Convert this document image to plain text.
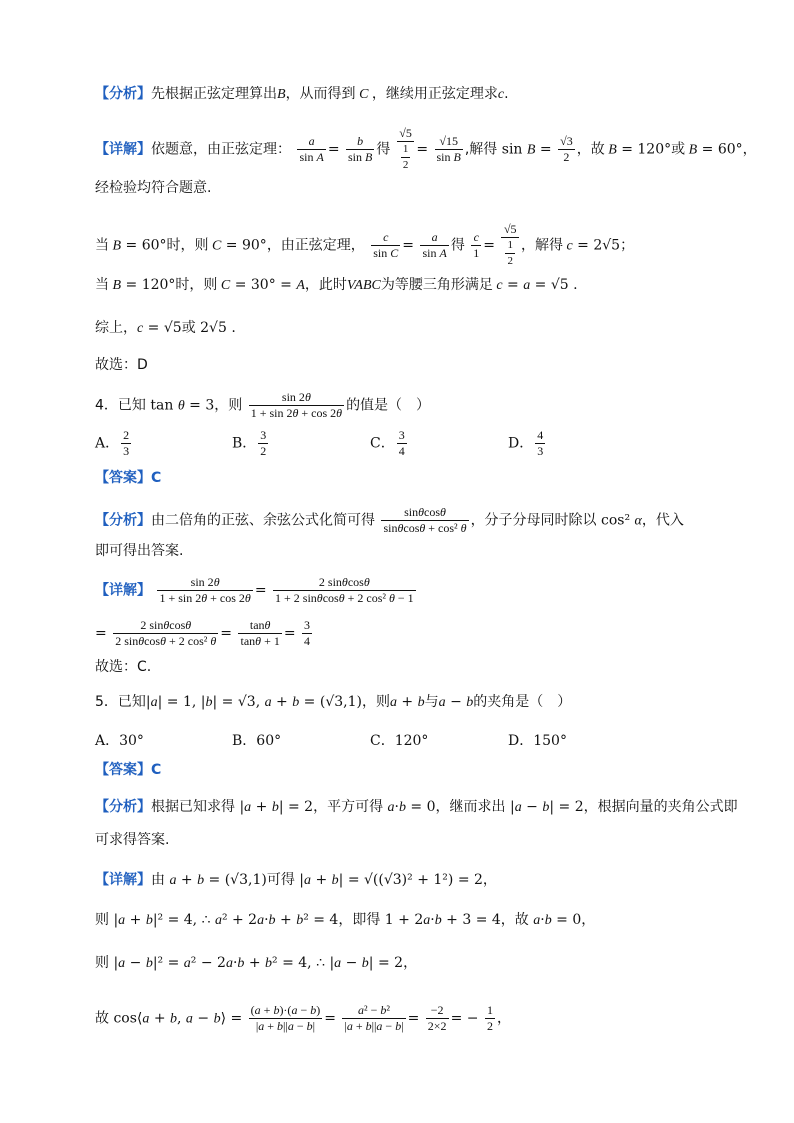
【分析】先根据正弦定理算出B，从而得到 C ，继续用正弦定理求c.
【详解】依题意，由正弦定理： $\frac{a}{\text{sin A}} = \frac{b}{\text{sin B}}$ 得 $\frac{√5}{\frac{1}{2}} = \frac{√15}{\text{sin B}}$ ,解得 $\sin B = \frac{√3}{2}$ ，故 B = 120°或 B = 60°，
经检验均符合题意.
当 B = 60°时，则 C = 90°，由正弦定理， $\frac{c}{\text{sin C}} = \frac{a}{\text{sin A}}$ 得 $\frac{c}{1} = \frac{√5}{\frac{1}{2}}$ ，解得 c = 2√5；
当 B = 120°时，则 C = 30° = A，此时VABC为等腰三角形满足 c = a = √5 .
综上，c = √5或 2√5 .
故选：D
4．已知 tan θ = 3，则 $\frac{\sin 2\theta}{1 + \sin 2\theta + \cos 2\theta}$ 的值是（　）
A． $\frac{2}{3}$	B． $\frac{3}{2}$	C． $\frac{3}{4}$	D． $\frac{4}{3}$
【答案】C
【分析】由二倍角的正弦、余弦公式化简可得 $\frac{\sin\theta\cos\theta}{\text{sinθcosθ + cos² θ}}$ ，分子分母同时除以 cos² α，代入
即可得出答案.
【详解】 $\frac{\sin 2\theta}{1 + \sin 2\theta + \cos 2\theta} = \frac{2 \sin\theta\cos\theta}{\text{1 + 2 sinθcosθ + 2 cos² θ − 1}}$
= $\frac{2 \sin\theta\cos\theta}{\text{2 sinθcosθ + 2 cos² θ}} = \frac{\tan\theta}{\tan\theta + 1} = \frac{3}{4}$
故选：C.
5．已知|a| = 1, |b| = √3, a + b = (√3,1)，则a + b与a − b的夹角是（　）
A．30°	B．60°	C．120°	D．150°
【答案】C
【分析】根据已知求得 |a + b| = 2，平方可得 a·b = 0，继而求出 |a − b| = 2，根据向量的夹角公式即
可求得答案.
【详解】由 a + b = (√3,1)可得 |a + b| = √((√3)² + 1²) = 2，
则 |a + b|² = 4, ∴ a² + 2a·b + b² = 4，即得 1 + 2a·b + 3 = 4，故 a·b = 0，
则 |a − b|² = a² − 2a·b + b² = 4, ∴ |a − b| = 2，
故 cos⟨a + b, a − b⟩ = $\frac{(a + b)\cdot(a - b)}{|a + b||a - b|} = \frac{\text{a² − b²}}{|a + b||a - b|} = \frac{-2}{2\times 2}$ = − $\frac{1}{2}$ ，
